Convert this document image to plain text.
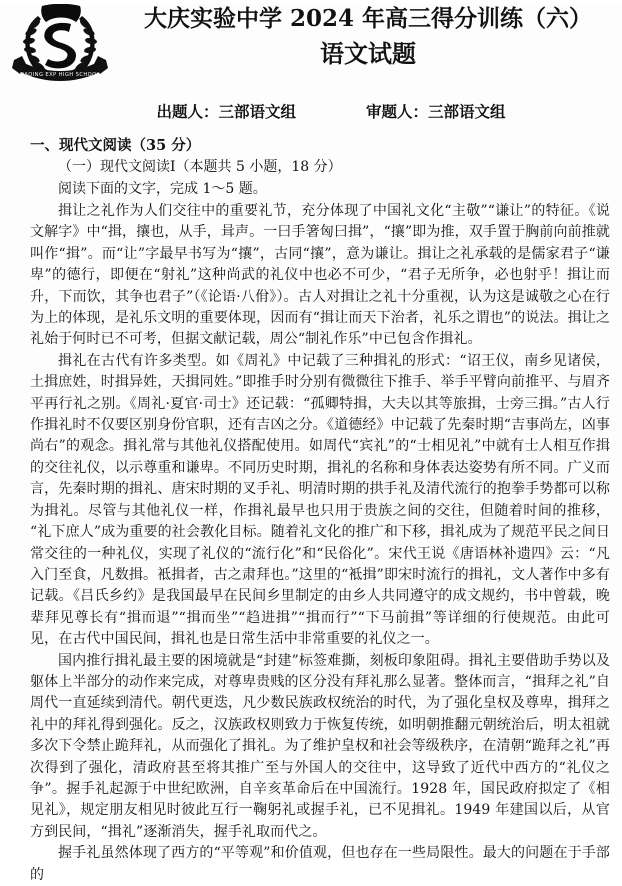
DAQING EXP HIGH SCHOOL
大庆实验中学 2024 年高三得分训练（六）
语文试题
出题人：三部语文组	审题人：三部语文组
一、现代文阅读（35 分）
（一）现代文阅读Ⅰ（本题共 5 小题，18 分）
阅读下面的文字，完成 1～5 题。

揖让之礼作为人们交往中的重要礼节，充分体现了中国礼文化“主敬”“谦让”的特征。《说文解字》中“揖，攘也，从手，咠声。一曰手箸匈曰揖”，“攘”即为推，双手置于胸前向前推就叫作“揖”。而“让”字最早书写为“攘”，古同“攘”，意为谦让。揖让之礼承载的是儒家君子“谦卑”的德行，即便在“射礼”这种尚武的礼仪中也必不可少，“君子无所争，必也射乎！揖让而升，下而饮，其争也君子”（《论语·八佾》）。古人对揖让之礼十分重视，认为这是诚敬之心在行为上的体现，是礼乐文明的重要体现，因而有“揖让而天下治者，礼乐之谓也”的说法。揖让之礼始于何时已不可考，但据文献记载，周公“制礼作乐”中已包含作揖礼。

揖礼在古代有许多类型。如《周礼》中记载了三种揖礼的形式：“诏王仪，南乡见诸侯，土揖庶姓，时揖异姓，天揖同姓。”即推手时分别有微微往下推手、举手平臂向前推平、与眉齐平再行礼之别。《周礼·夏官·司士》还记载：“孤卿特揖，大夫以其等旅揖，士旁三揖。”古人行作揖礼时不仅要区别身份官职，还有吉凶之分。《道德经》中记载了先秦时期“吉事尚左，凶事尚右”的观念。揖礼常与其他礼仪搭配使用。如周代“宾礼”的“士相见礼”中就有士人相互作揖的交往礼仪，以示尊重和谦卑。不同历史时期，揖礼的名称和身体表达姿势有所不同。广义而言，先秦时期的揖礼、唐宋时期的叉手礼、明清时期的拱手礼及清代流行的抱拳手势都可以称为揖礼。尽管与其他礼仪一样，作揖礼最早也只用于贵族之间的交往，但随着时间的推移，“礼下庶人”成为重要的社会教化目标。随着礼文化的推广和下移，揖礼成为了规范平民之间日常交往的一种礼仪，实现了礼仪的“流行化”和“民俗化”。宋代王说《唐语林补遗四》云：“凡入门至食，凡数揖。袛揖者，古之肃拜也。”这里的“袛揖”即宋时流行的揖礼，文人著作中多有记载。《吕氏乡约》是我国最早在民间乡里制定的由乡人共同遵守的成文规约，书中曾载，晚辈拜见尊长有“揖而退”“揖而坐”“趋进揖”“揖而行”“下马前揖”等详细的行使规范。由此可见，在古代中国民间，揖礼也是日常生活中非常重要的礼仪之一。

国内推行揖礼最主要的困境就是“封建”标签难撕，刻板印象阻碍。揖礼主要借助手势以及躯体上半部分的动作来完成，对尊卑贵贱的区分没有拜礼那么显著。整体而言，“揖拜之礼”自周代一直延续到清代。朝代更迭，凡少数民族政权统治的时代，为了强化皇权及尊卑，揖拜之礼中的拜礼得到强化。反之，汉族政权则致力于恢复传统，如明朝推翻元朝统治后，明太祖就多次下令禁止跪拜礼，从而强化了揖礼。为了维护皇权和社会等级秩序，在清朝“跪拜之礼”再次得到了强化，清政府甚至将其推广至与外国人的交往中，这导致了近代中西方的“礼仪之争”。握手礼起源于中世纪欧洲，自辛亥革命后在中国流行。1928 年，国民政府拟定了《相见礼》，规定朋友相见时彼此互行一鞠躬礼或握手礼，已不见揖礼。1949 年建国以后，从官方到民间，“揖礼”逐渐消失，握手礼取而代之。

握手礼虽然体现了西方的“平等观”和价值观，但也存在一些局限性。最大的问题在于手部的
